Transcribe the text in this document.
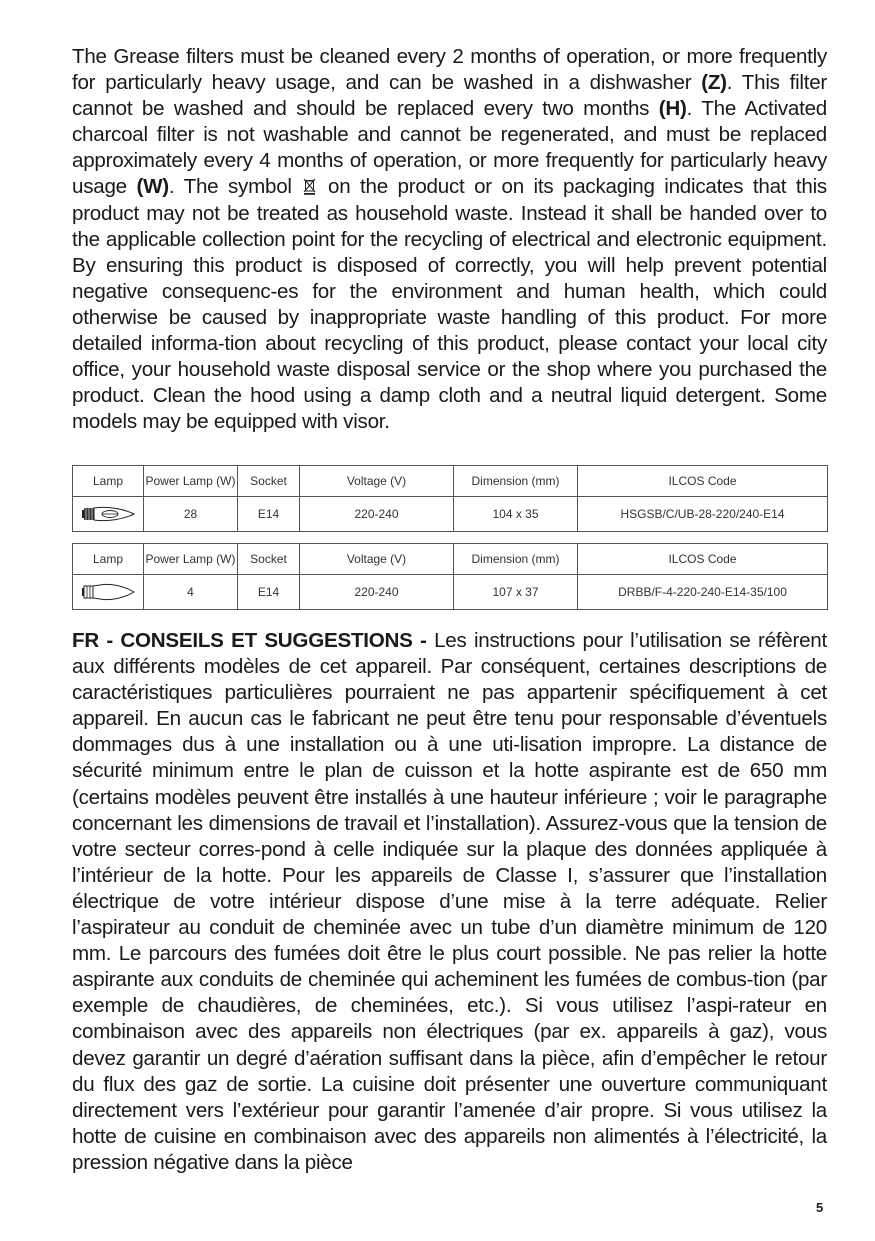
The Grease filters must be cleaned every 2 months of operation, or more frequently for particularly heavy usage, and can be washed in a dishwasher (Z). This filter cannot be washed and should be replaced every two months (H). The Activated charcoal filter is not washable and cannot be regenerated, and must be replaced approximately every 4 months of operation, or more frequently for particularly heavy usage (W). The symbol on the product or on its packaging indicates that this product may not be treated as household waste. Instead it shall be handed over to the applicable collection point for the recycling of electrical and electronic equipment. By ensuring this product is disposed of correctly, you will help prevent potential negative consequenc-es for the environment and human health, which could otherwise be caused by inappropriate waste handling of this product. For more detailed informa-tion about recycling of this product, please contact your local city office, your household waste disposal service or the shop where you purchased the product. Clean the hood using a damp cloth and a neutral liquid detergent. Some models may be equipped with visor.

Lamp	Power Lamp (W)	Socket	Voltage (V)	Dimension (mm)	ILCOS Code

	28	E14	220-240	104 x 35	HSGSB/C/UB-28-220/240-E14
Lamp	Power Lamp (W)	Socket	Voltage (V)	Dimension (mm)	ILCOS Code

	4	E14	220-240	107 x 37	DRBB/F-4-220-240-E14-35/100

FR - CONSEILS ET SUGGESTIONS - Les instructions pour l’utilisation se réfèrent aux différents modèles de cet appareil. Par conséquent, certaines descriptions de caractéristiques particulières pourraient ne pas appartenir spécifiquement à cet appareil. En aucun cas le fabricant ne peut être tenu pour responsable d’éventuels dommages dus à une installation ou à une uti-lisation impropre. La distance de sécurité minimum entre le plan de cuisson et la hotte aspirante est de 650 mm (certains modèles peuvent être installés à une hauteur inférieure ; voir le paragraphe concernant les dimensions de travail et l’installation). Assurez-vous que la tension de votre secteur corres-pond à celle indiquée sur la plaque des données appliquée à l’intérieur de la hotte. Pour les appareils de Classe I, s’assurer que l’installation électrique de votre intérieur dispose d’une mise à la terre adéquate. Relier l’aspirateur au conduit de cheminée avec un tube d’un diamètre minimum de 120 mm. Le parcours des fumées doit être le plus court possible. Ne pas relier la hotte aspirante aux conduits de cheminée qui acheminent les fumées de combus-tion (par exemple de chaudières, de cheminées, etc.). Si vous utilisez l’aspi-rateur en combinaison avec des appareils non électriques (par ex. appareils à gaz), vous devez garantir un degré d’aération suffisant dans la pièce, afin d’empêcher le retour du flux des gaz de sortie. La cuisine doit présenter une ouverture communiquant directement vers l’extérieur pour garantir l’amenée d’air propre. Si vous utilisez la hotte de cuisine en combinaison avec des appareils non alimentés à l’électricité, la pression négative dans la pièce

5
